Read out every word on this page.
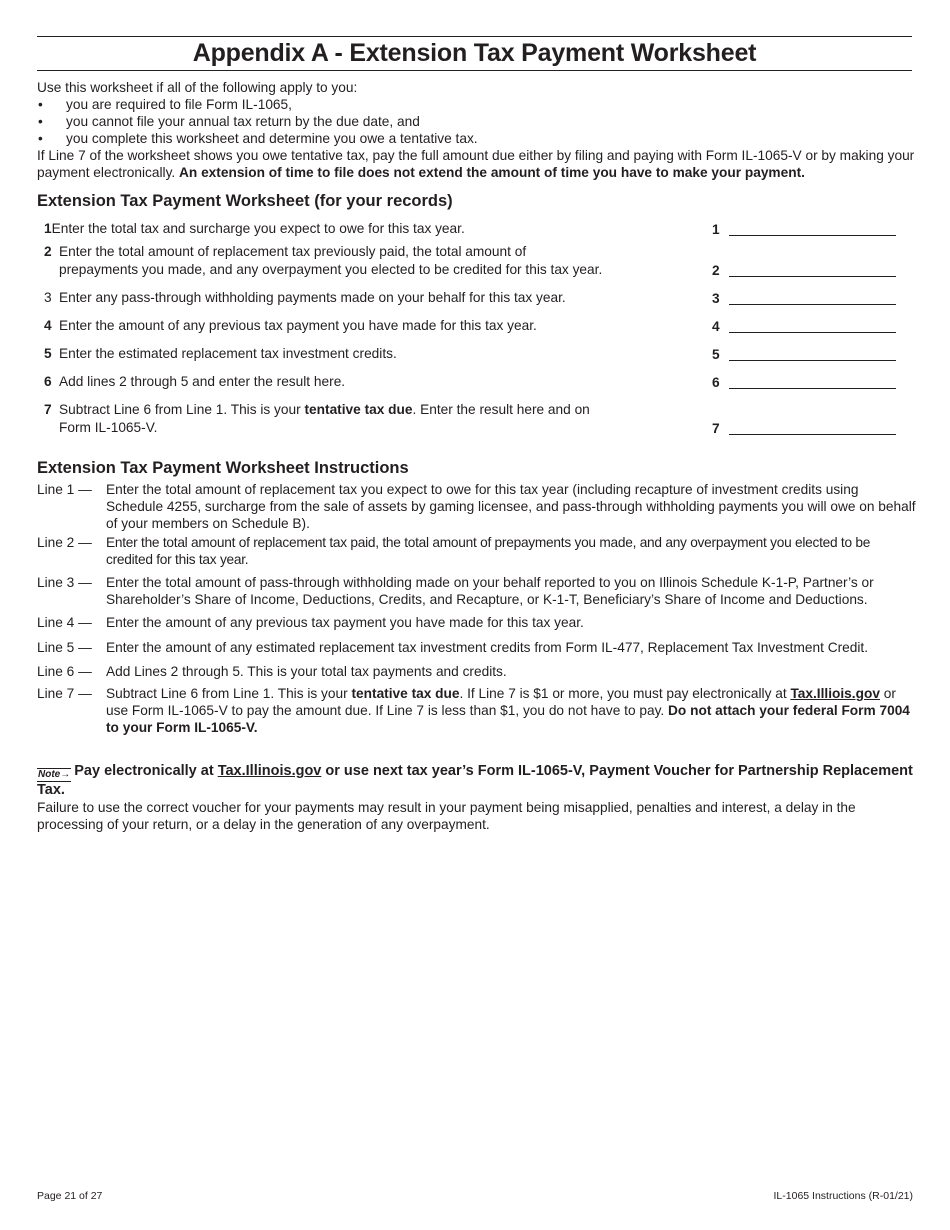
Appendix A - Extension Tax Payment Worksheet

Use this worksheet if all of the following apply to you:

•	you are required to file Form IL-1065,
•	you cannot file your annual tax return by the due date, and
•	you complete this worksheet and determine you owe a tentative tax.

If Line 7 of the worksheet shows you owe tentative tax, pay the full amount due either by filing and paying with Form IL-1065-V or by making your payment electronically. An extension of time to file does not extend the amount of time you have to make your payment.

Extension Tax Payment Worksheet (for your records)
1Enter the total tax and surcharge you expect to owe for this tax year.	1
2 Enter the total amount of replacement tax previously paid, the total amount of
prepayments you made, and any overpayment you elected to be credited for this tax year.	2
3 Enter any pass-through withholding payments made on your behalf for this tax year.	3
4 Enter the amount of any previous tax payment you have made for this tax year.	4
5 Enter the estimated replacement tax investment credits.	5
6 Add lines 2 through 5 and enter the result here.	6
7 Subtract Line 6 from Line 1. This is your tentative tax due. Enter the result here and on
Form IL-1065-V.	7
Extension Tax Payment Worksheet Instructions
Line 1 —	Enter the total amount of replacement tax you expect to owe for this tax year (including recapture of investment credits using Schedule 4255, surcharge from the sale of assets by gaming licensee, and pass-through withholding payments you will owe on behalf of your members on Schedule B).
Line 2 —	Enter the total amount of replacement tax paid, the total amount of prepayments you made, and any overpayment you elected to be credited for this tax year.
Line 3 —	Enter the total amount of pass-through withholding made on your behalf reported to you on Illinois Schedule K-1-P, Partner’s or Shareholder’s Share of Income, Deductions, Credits, and Recapture, or K-1-T, Beneficiary’s Share of Income and Deductions.
Line 4 —	Enter the amount of any previous tax payment you have made for this tax year.
Line 5 —	Enter the amount of any estimated replacement tax investment credits from Form IL-477, Replacement Tax Investment Credit.
Line 6 —	Add Lines 2 through 5. This is your total tax payments and credits.
Line 7 —	Subtract Line 6 from Line 1. This is your tentative tax due. If Line 7 is $1 or more, you must pay electronically at Tax.Illiois.gov or use Form IL-1065-V to pay the amount due. If Line 7 is less than $1, you do not have to pay. Do not attach your federal Form 7004 to your Form IL-1065-V.
Note→ Pay electronically at Tax.Illinois.gov or use next tax year’s Form IL-1065-V, Payment Voucher for Partnership Replacement Tax.
Failure to use the correct voucher for your payments may result in your payment being misapplied, penalties and interest, a delay in the processing of your return, or a delay in the generation of any overpayment.
Page 21 of 27	IL-1065 Instructions (R-01/21)
